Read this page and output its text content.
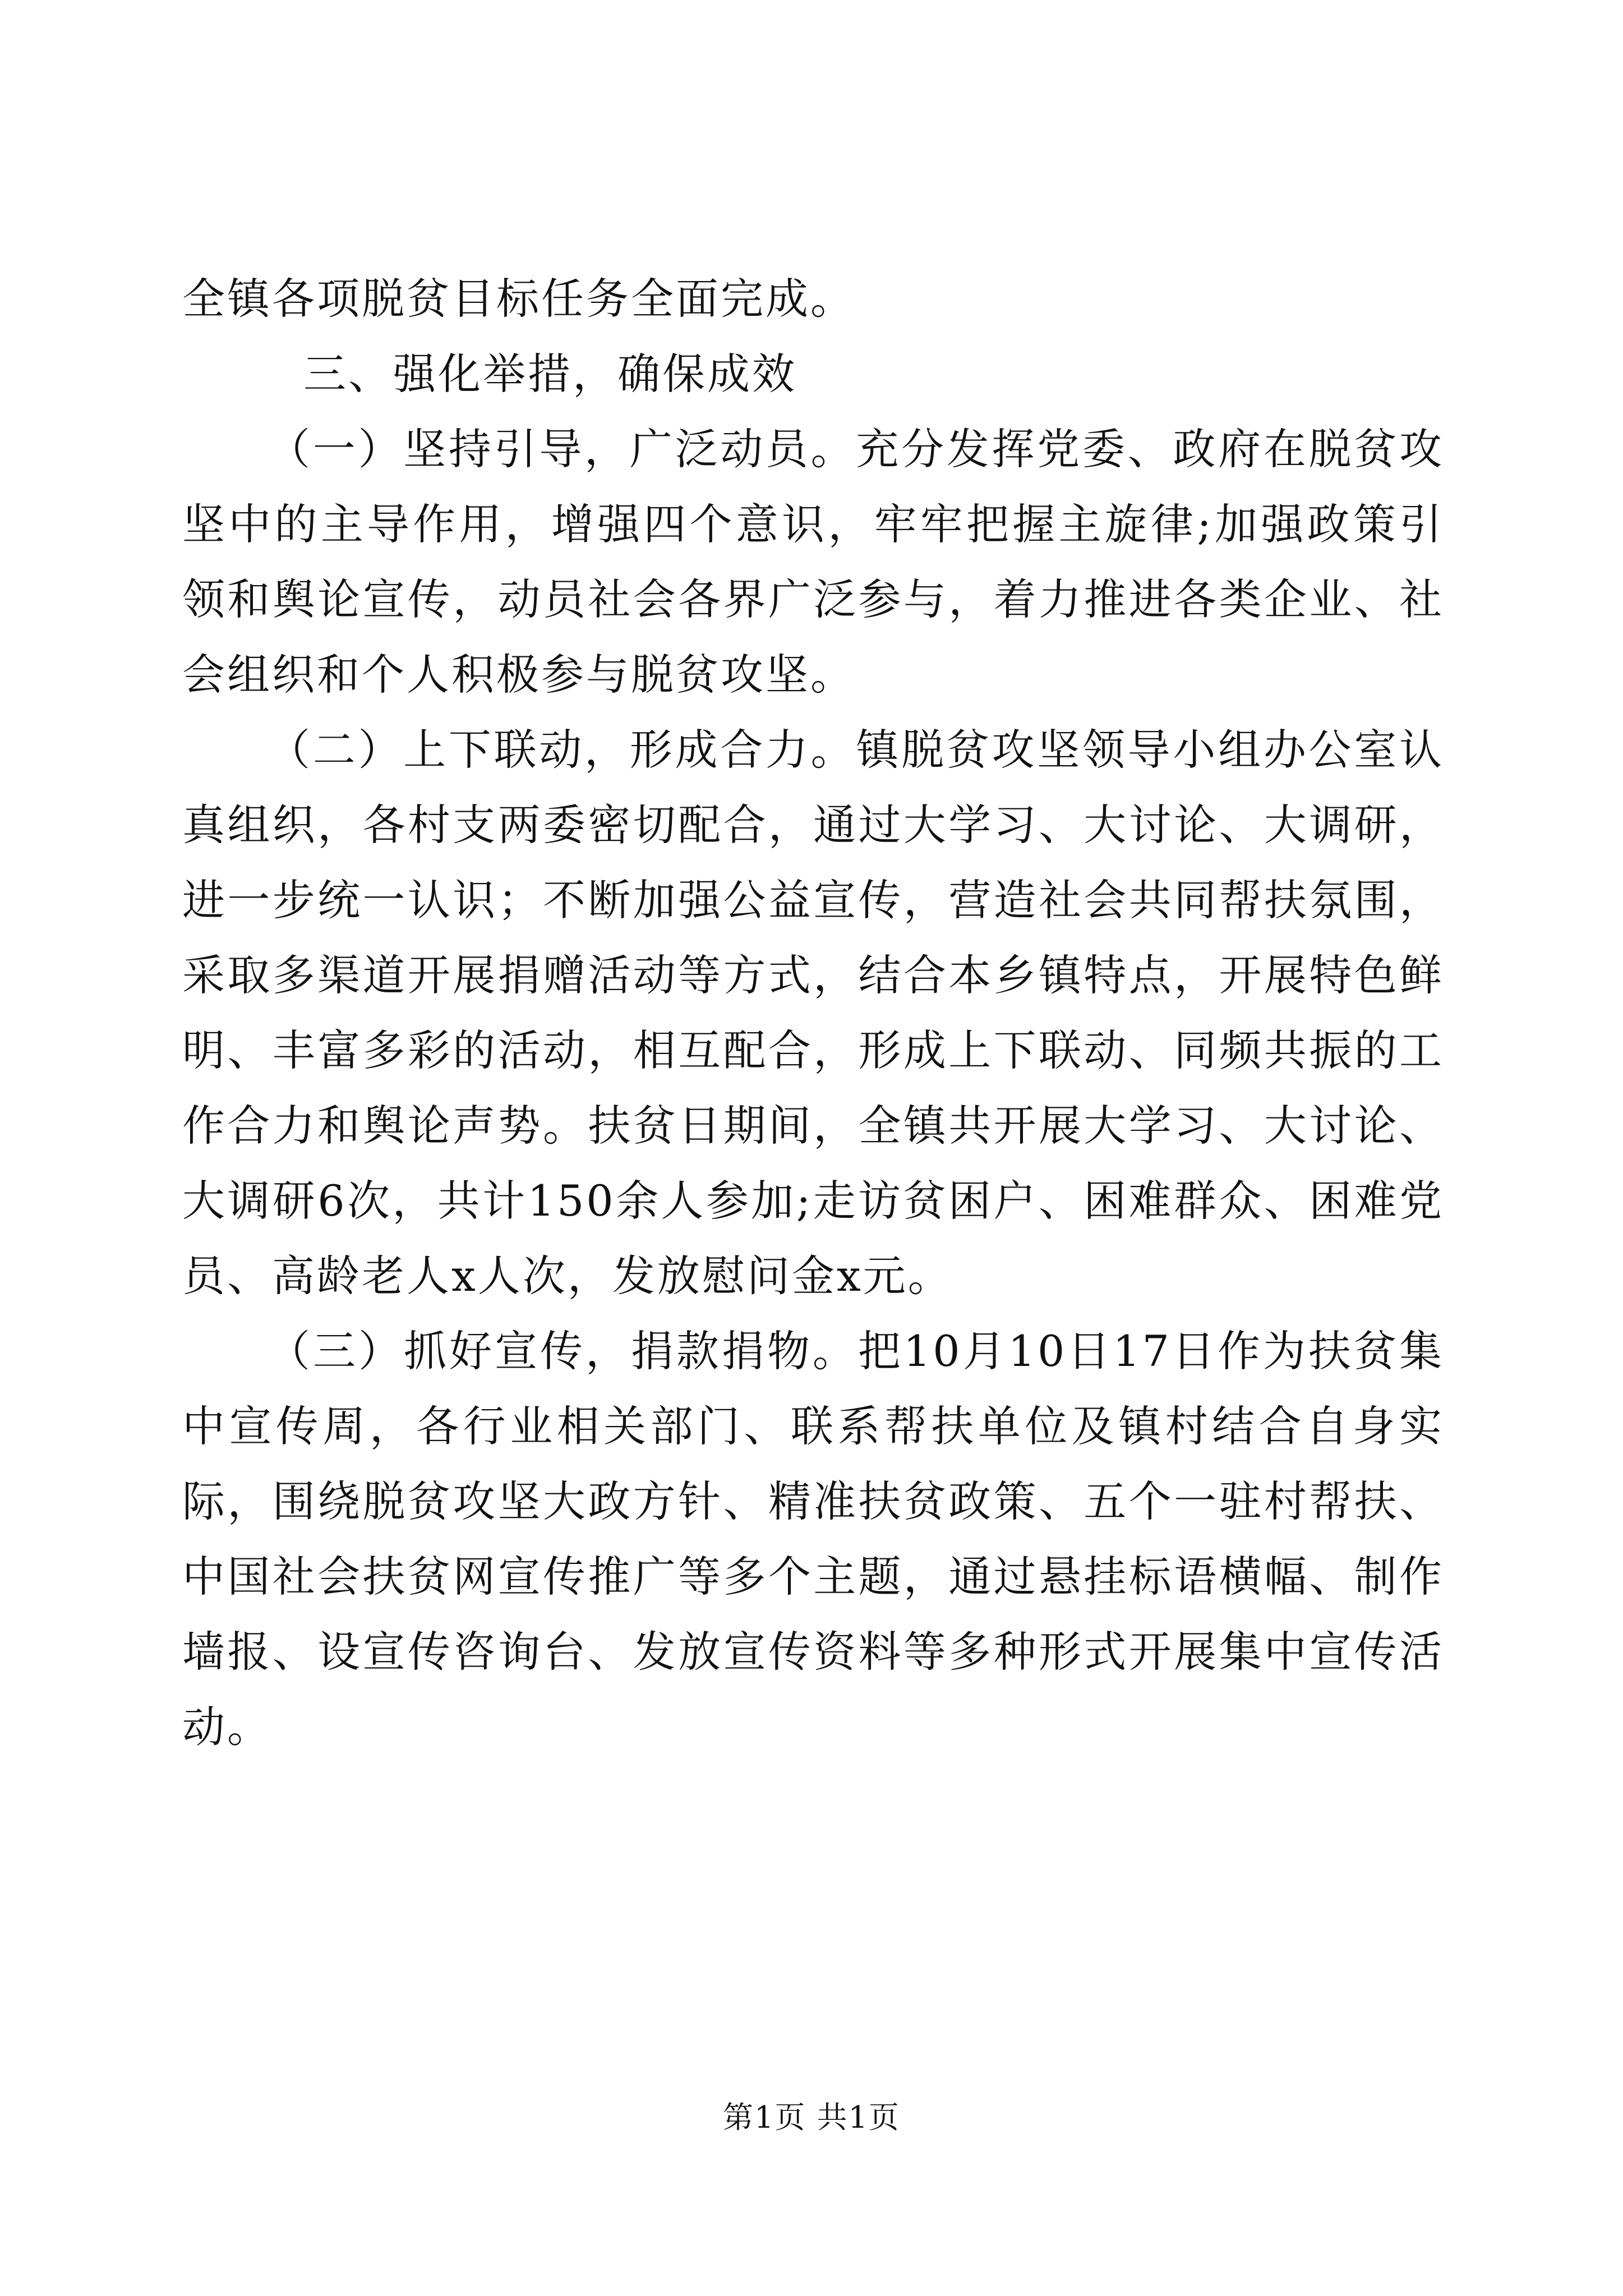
全镇各项脱贫目标任务全面完成。

三、强化举措，确保成效

（一）坚持引导，广泛动员。充分发挥党委、政府在脱贫攻坚中的主导作用，增强四个意识，牢牢把握主旋律;加强政策引领和舆论宣传，动员社会各界广泛参与，着力推进各类企业、社会组织和个人积极参与脱贫攻坚。

（二）上下联动，形成合力。镇脱贫攻坚领导小组办公室认真组织，各村支两委密切配合，通过大学习、大讨论、大调研，进一步统一认识；不断加强公益宣传，营造社会共同帮扶氛围，采取多渠道开展捐赠活动等方式，结合本乡镇特点，开展特色鲜明、丰富多彩的活动，相互配合，形成上下联动、同频共振的工作合力和舆论声势。扶贫日期间，全镇共开展大学习、大讨论、大调研6次，共计150余人参加;走访贫困户、困难群众、困难党员、高龄老人x人次，发放慰问金x元。

（三）抓好宣传，捐款捐物。把10月10日17日作为扶贫集中宣传周，各行业相关部门、联系帮扶单位及镇村结合自身实际，围绕脱贫攻坚大政方针、精准扶贫政策、五个一驻村帮扶、中国社会扶贫网宣传推广等多个主题，通过悬挂标语横幅、制作墙报、设宣传咨询台、发放宣传资料等多种形式开展集中宣传活动。

第1页 共1页
